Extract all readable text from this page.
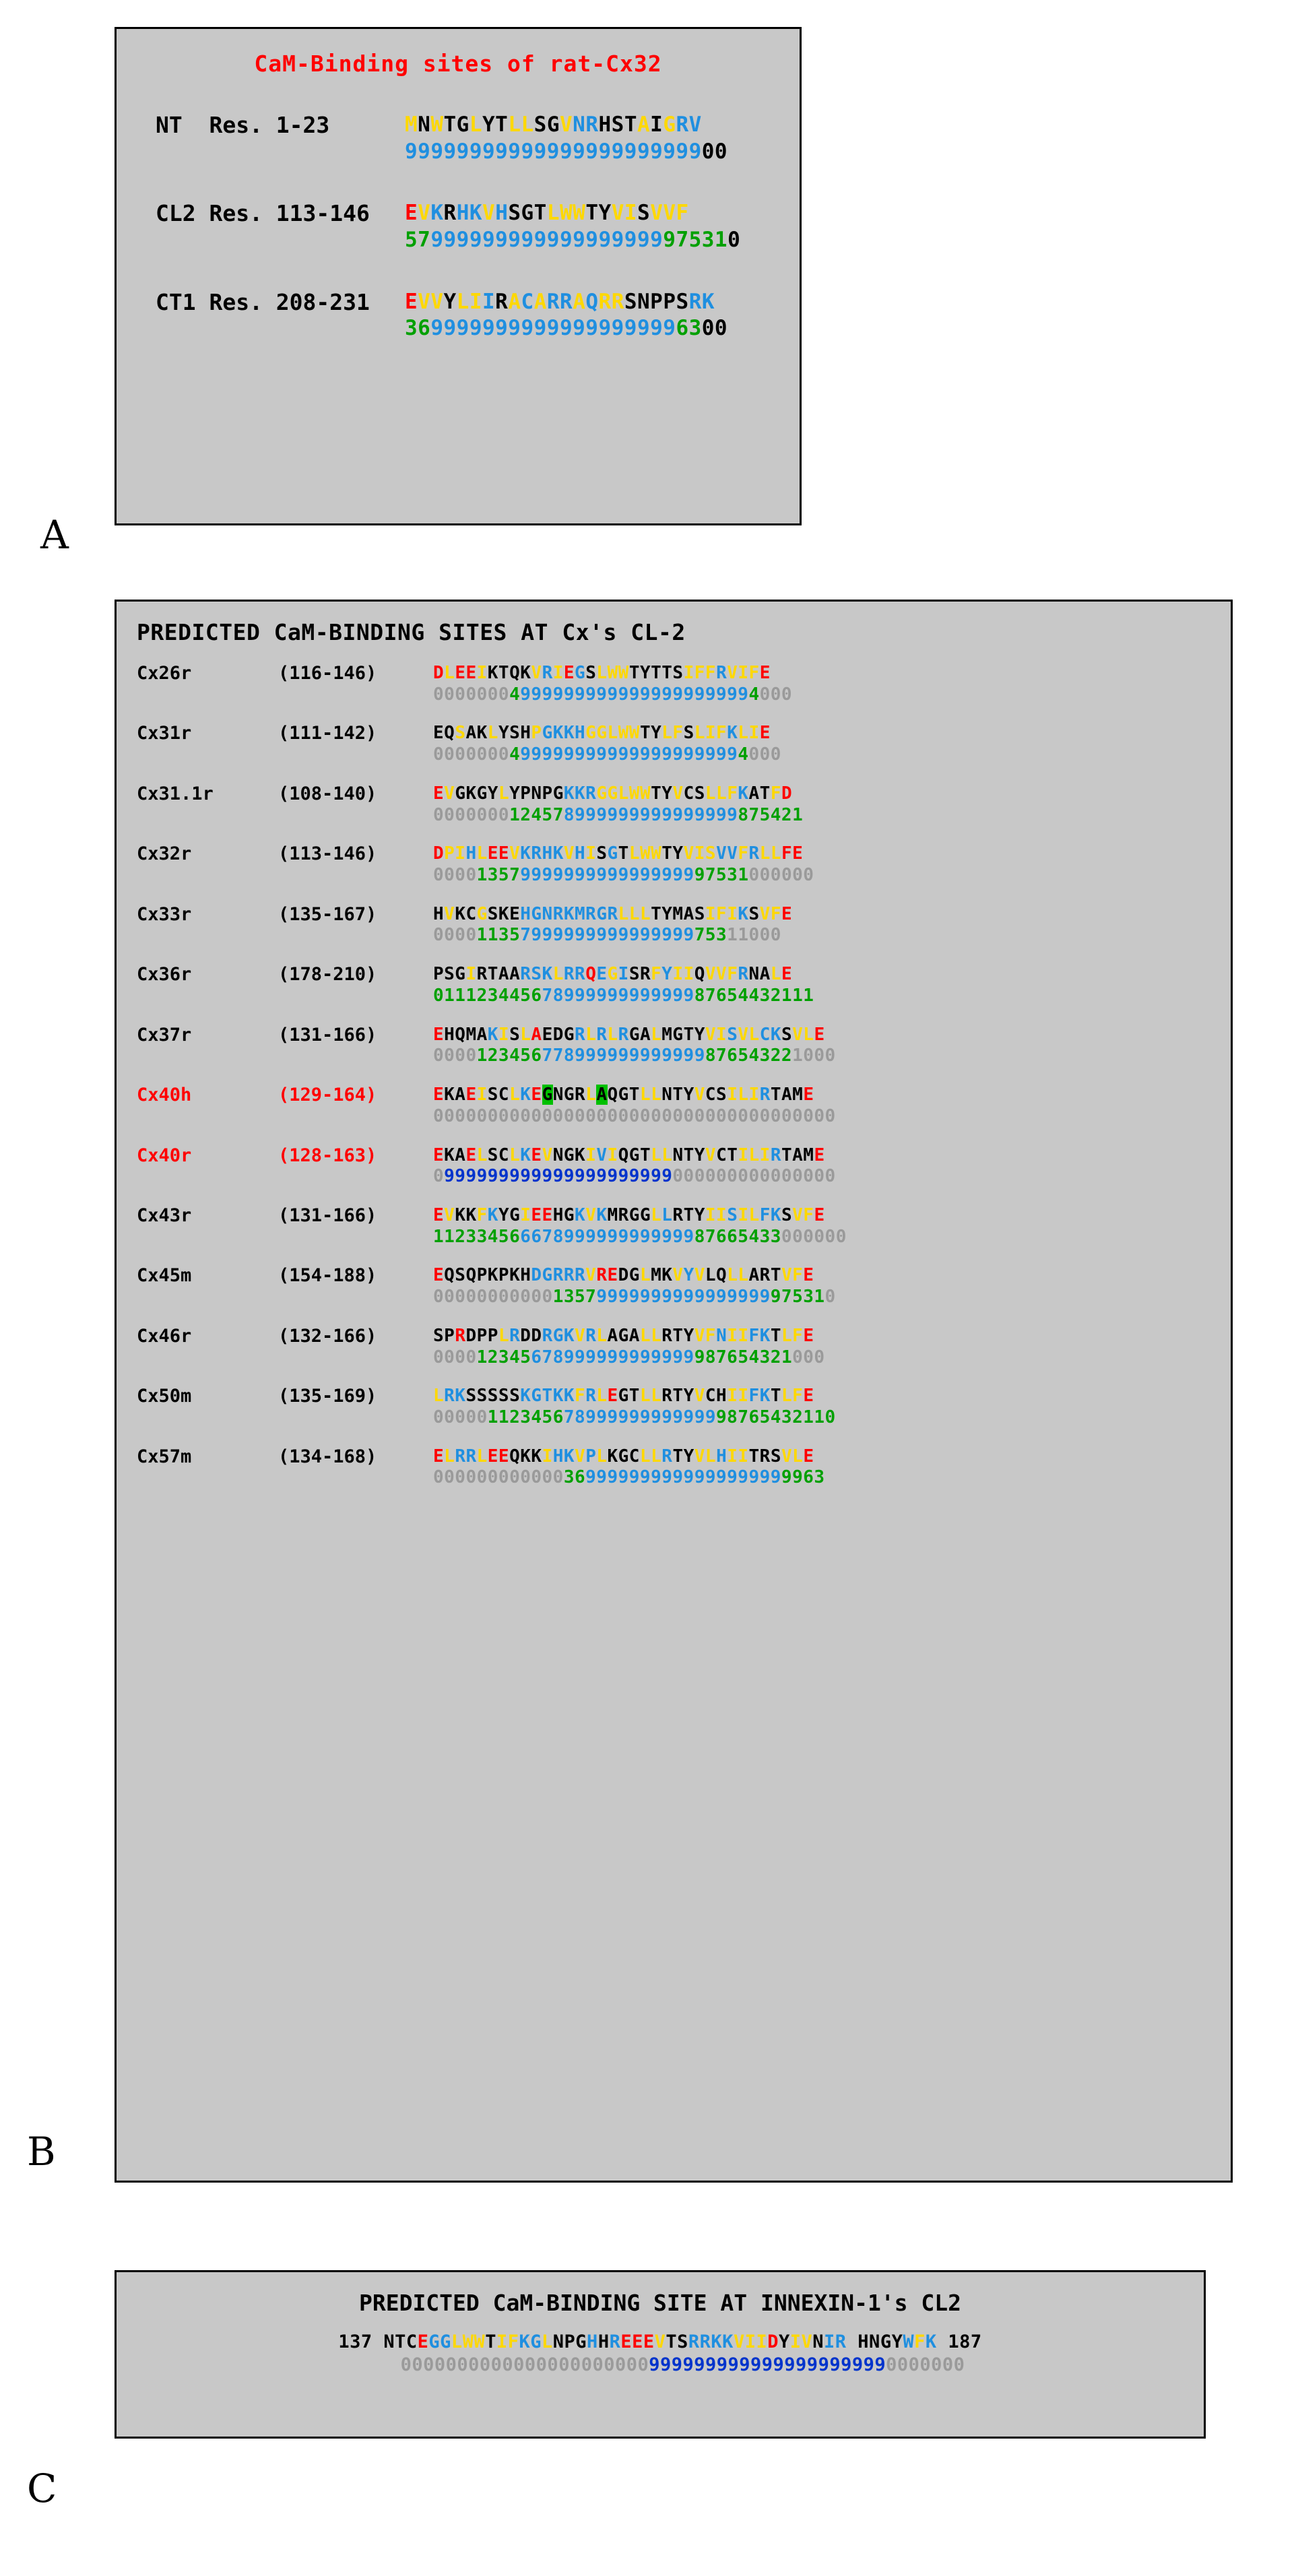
CaM-Binding sites of rat-Cx32
NT  Res. 1-23	MNWTGLYTLLSGVNRHSTAIGRV
9999999999999999999999900
CL2 Res. 113-146	EVKRHKVHSGTLWWTYVISVVF
57999999999999999999975310
CT1 Res. 208-231	EVVYLIIRACARRAQRRSNPPSRK
3699999999999999999996300
A
PREDICTED CaM-BINDING SITES AT Cx's CL-2
Cx26r	(116-146)	DLEEIKTQKVRIEGSLWWTYTTSIFFRVIFE
000000049999999999999999999994000
Cx31r	(111-142)	EQSAKLYSHPGKKHGGLWWTYLFSLIFKLIE
00000004999999999999999999994000
Cx31.1r	(108-140)	EVGKGYLYPNPGKKRGGLWWTYVCSLLFKATFD
0000000124578999999999999999875421
Cx32r	(113-146)	DPIHLEEVKRHKVHISGTLWWTYVISVVFRLLFE
00001357999999999999999997531000000
Cx33r	(135-167)	HVKCGSKEHGNRKMRGRLLLTYMASIFIKSVFE
00001135799999999999999975311000
Cx36r	(178-210)	PSGIRTAARSKLRRQEGISRFYIIQVVFRNALE
01112344567899999999999987654432111
Cx37r	(131-166)	EHQMAKISLAEDGRLRLRGALMGTYVISVLCKSVLE
0000123456778999999999999876543221000
Cx40h	(129-164)	EKAEISCLKEGNGRLAQGTLLNTYVCSILIRTAME
0000000000000000000000000000000000000
Cx40r	(128-163)	EKAELSCLKEVNGKIVIQGTLLNTYVCTILIRTAME
0999999999999999999999000000000000000
Cx43r	(131-166)	EVKKFKYGIEEHGKVKMRGGLLRTYIISILFKSVFE
11233456667899999999999987665433000000
Cx45m	(154-188)	EQSQPKPKHDGRRRVREDGLMKVYVLQLLARTVFE
0000000000013579999999999999999975310
Cx46r	(132-166)	SPRDPPLRDDRGKVRLAGALLRTYVFNIIFKTLFE
000012345678999999999999987654321000
Cx50m	(135-169)	LRKSSSSSKGTKKFRLEGTLLRTYVCHIIFKTLFE
0000011234567899999999999998765432110
Cx57m	(134-168)	ELRRLEEQKKIHKVPLKGCLLRTYVLHIITRSVLE
000000000000369999999999999999999963
B
PREDICTED CaM-BINDING SITE AT INNEXIN-1's CL2
137 NTCEGGLWWTIFKGLNPGHHREEEVTSRRKKVIIDYIVNIR HNGYWFK 187
00000000000000000000009999999999999999999990000000
C
